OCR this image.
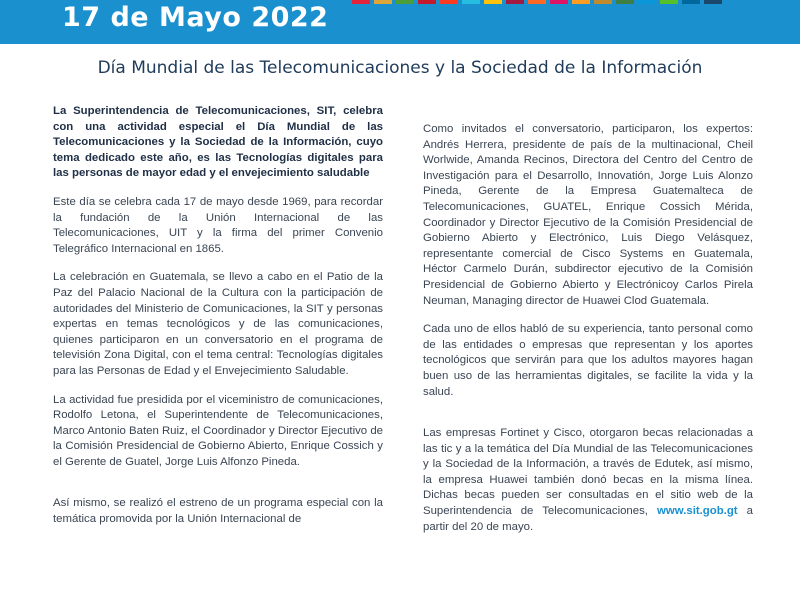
17 de Mayo 2022
Día Mundial de las Telecomunicaciones y la Sociedad de la Información

La Superintendencia de Telecomunicaciones, SIT, celebra con una actividad especial el Día Mundial de las Telecomunicaciones y la Sociedad de la Información, cuyo tema dedicado este año, es las Tecnologías digitales para las personas de mayor edad y el envejecimiento saludable

Este día se celebra cada 17 de mayo desde 1969, para recordar la fundación de la Unión Internacional de las Telecomunicaciones, UIT y la firma del primer Convenio Telegráfico Internacional en 1865.

La celebración en Guatemala, se llevo a cabo en el Patio de la Paz del Palacio Nacional de la Cultura con la participación de autoridades del Ministerio de Comunicaciones, la SIT y personas expertas en temas tecnológicos y de las comunicaciones, quienes participaron en un conversatorio en el programa de televisión Zona Digital, con el tema central: Tecnologías digitales para las Personas de Edad y el Envejecimiento Saludable.

La actividad fue presidida por el viceministro de comunicaciones, Rodolfo Letona, el Superintendente de Telecomunicaciones, Marco Antonio Baten Ruiz, el Coordinador y Director Ejecutivo de la Comisión Presidencial de Gobierno Abierto, Enrique Cossich y el Gerente de Guatel, Jorge Luis Alfonzo Pineda.

Así mismo, se realizó el estreno de un programa especial con la temática promovida por la Unión Internacional de

Como invitados el conversatorio, participaron, los expertos: Andrés Herrera, presidente de país de la multinacional, Cheil Worlwide, Amanda Recinos, Directora del Centro del Centro de Investigación para el Desarrollo, Innovatión, Jorge Luis Alonzo Pineda, Gerente de la Empresa Guatemalteca de Telecomunicaciones, GUATEL, Enrique Cossich Mérida, Coordinador y Director Ejecutivo de la Comisión Presidencial de Gobierno Abierto y Electrónico, Luis Diego Velásquez, representante comercial de Cisco Systems en Guatemala, Héctor Carmelo Durán, subdirector ejecutivo de la Comisión Presidencial de Gobierno Abierto y Electrónicoy Carlos Pirela Neuman, Managing director de Huawei Clod Guatemala.

Cada uno de ellos habló de su experiencia, tanto personal como de las entidades o empresas que representan y los aportes tecnológicos que servirán para que los adultos mayores hagan buen uso de las herramientas digitales, se facilite la vida y la salud.

Las empresas Fortinet y Cisco, otorgaron becas relacionadas a las tic y a la temática del Día Mundial de las Telecomunicaciones y la Sociedad de la Información, a través de Edutek, así mismo, la empresa Huawei también donó becas en la misma línea. Dichas becas pueden ser consultadas en el sitio web de la Superintendencia de Telecomunicaciones, www.sit.gob.gt a partir del 20 de mayo.
